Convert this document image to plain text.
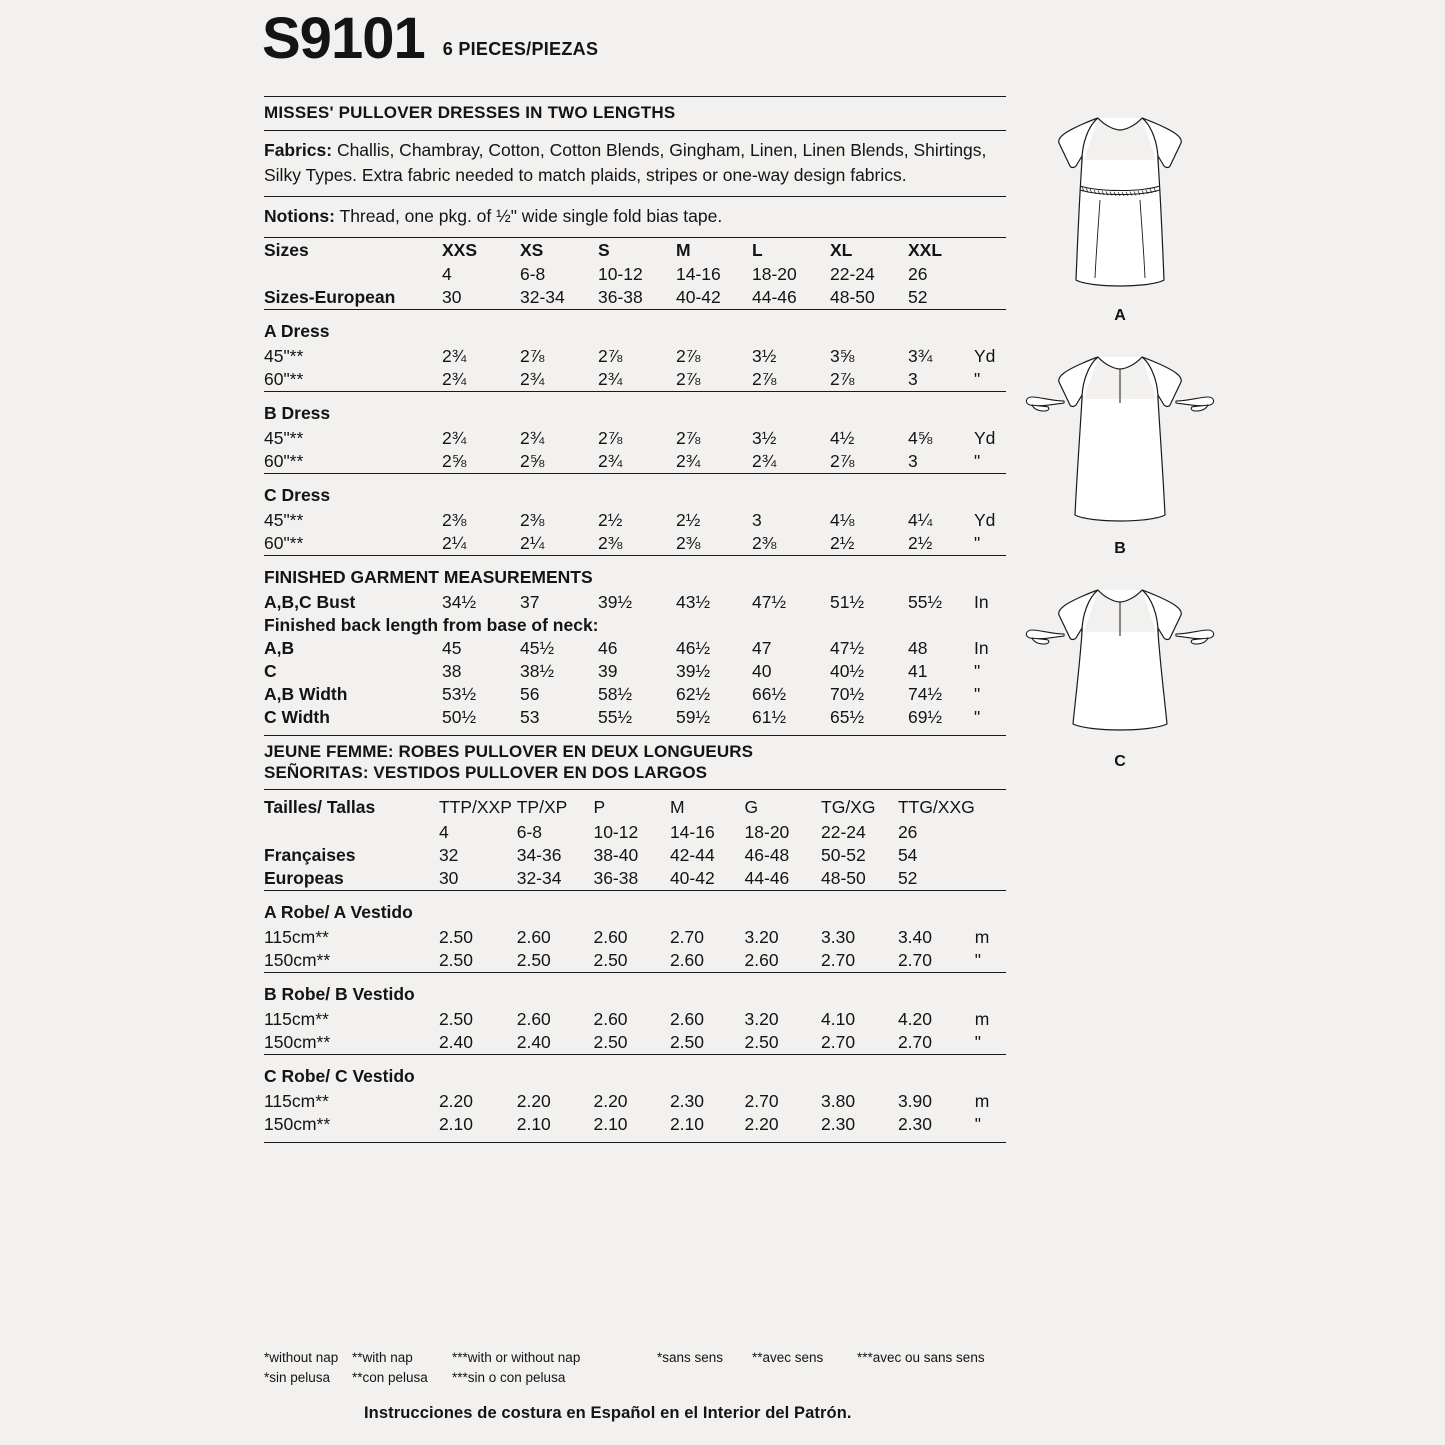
S9101 6 PIECES/PIEZAS
MISSES' PULLOVER DRESSES IN TWO LENGTHS
Fabrics: Challis, Chambray, Cotton, Cotton Blends, Gingham, Linen, Linen Blends, Shirtings, Silky Types. Extra fabric needed to match plaids, stripes or one-way design fabrics.
Notions: Thread, one pkg. of ½" wide single fold bias tape.
Sizes	XXS	XS	S	M	L	XL	XXL	
	4	6-8	10-12	14-16	18-20	22-24	26	
Sizes-European	30	32-34	36-38	40-42	44-46	48-50	52	

A Dress								
45"**	2¾	2⅞	2⅞	2⅞	3½	3⅝	3¾	Yd
60"**	2¾	2¾	2¾	2⅞	2⅞	2⅞	3	"

B Dress								
45"**	2¾	2¾	2⅞	2⅞	3½	4½	4⅝	Yd
60"**	2⅝	2⅝	2¾	2¾	2¾	2⅞	3	"

C Dress								
45"**	2⅜	2⅜	2½	2½	3	4⅛	4¼	Yd
60"**	2¼	2¼	2⅜	2⅜	2⅜	2½	2½	"

FINISHED GARMENT MEASUREMENTS								
A,B,C Bust	34½	37	39½	43½	47½	51½	55½	In
Finished back length from base of neck:								
A,B	45	45½	46	46½	47	47½	48	In
C	38	38½	39	39½	40	40½	41	"
A,B Width	53½	56	58½	62½	66½	70½	74½	"
C Width	50½	53	55½	59½	61½	65½	69½	"
JEUNE FEMME: ROBES PULLOVER EN DEUX LONGUEURS
SEÑORITAS: VESTIDOS PULLOVER EN DOS LARGOS
Tailles/ Tallas	TTP/XXP	TP/XP	P	M	G	TG/XG	TTG/XXG	
	4	6-8	10-12	14-16	18-20	22-24	26	
Françaises	32	34-36	38-40	42-44	46-48	50-52	54	
Europeas	30	32-34	36-38	40-42	44-46	48-50	52	

A Robe/ A Vestido								
115cm**	2.50	2.60	2.60	2.70	3.20	3.30	3.40	m
150cm**	2.50	2.50	2.50	2.60	2.60	2.70	2.70	"

B Robe/ B Vestido								
115cm**	2.50	2.60	2.60	2.60	3.20	4.10	4.20	m
150cm**	2.40	2.40	2.50	2.50	2.50	2.70	2.70	"

C Robe/ C Vestido								
115cm**	2.20	2.20	2.20	2.30	2.70	3.80	3.90	m
150cm**	2.10	2.10	2.10	2.10	2.20	2.30	2.30	"
*without nap	**with nap	***with or without nap	*sans sens	**avec sens	***avec ou sans sens
*sin pelusa	**con pelusa	***sin o con pelusa
Instrucciones de costura en Español en el Interior del Patrón.
A
B
C
